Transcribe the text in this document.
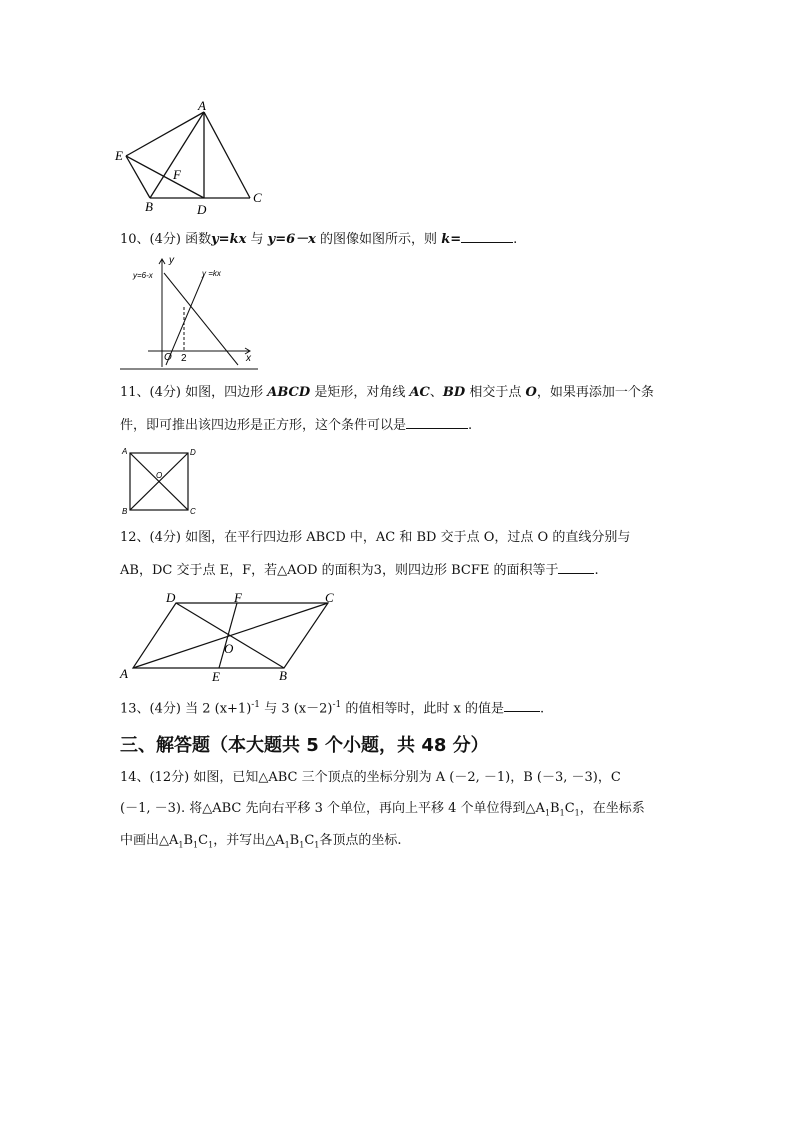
A
E
F
B	D
C
10、(4分) 函数y=kx 与 y=6－x 的图像如图所示，则 k=	.
y
x
O 2
y=6-x	y =kx
11、(4分) 如图，四边形 ABCD 是矩形，对角线 AC、BD 相交于点 O，如果再添加一个条
件，即可推出该四边形是正方形，这个条件可以是	.
A	D
O
B	C
12、(4分) 如图，在平行四边形 ABCD 中，AC 和 BD 交于点 O，过点 O 的直线分别与
AB，DC 交于点 E，F，若△AOD 的面积为3，则四边形 BCFE 的面积等于	.
D	F	C
O
A	E	B
13、(4分) 当 2 $(x+1)^{-1}$ 与 3 $(x-2)^{-1}$ 的值相等时，此时 x 的值是	.
三、解答题（本大题共 5 个小题，共 48 分）
14、(12分) 如图，已知△ABC 三个顶点的坐标分别为 A (－2, －1)，B (－3, －3)，C
(－1, －3). 将△ABC 先向右平移 3 个单位，再向上平移 4 个单位得到$\triangle A_1B_1C_1$，在坐标系
中画出$\triangle A_1B_1C_1$，并写出$\triangle A_1B_1C_1$各顶点的坐标.
